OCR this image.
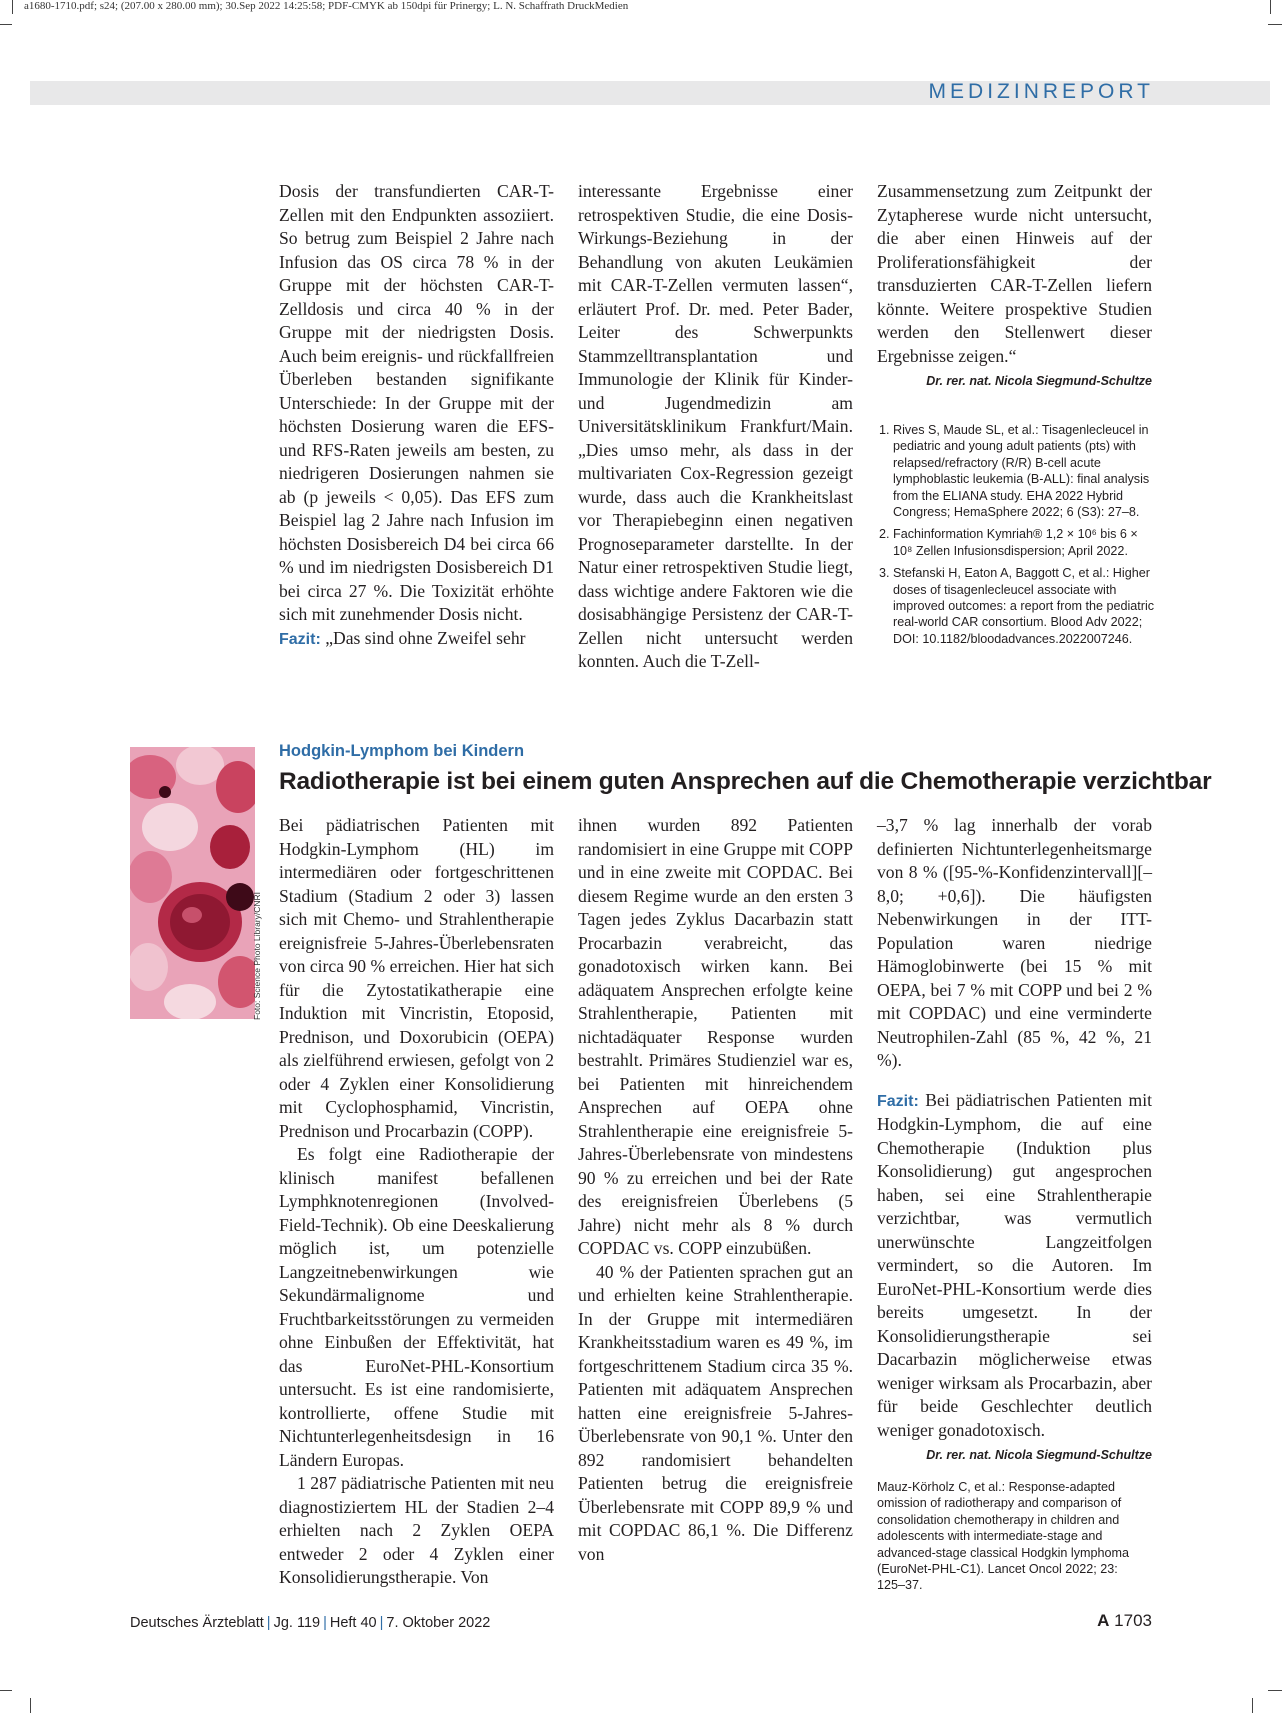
a1680-1710.pdf; s24; (207.00 x 280.00 mm); 30.Sep 2022 14:25:58; PDF-CMYK ab 150dpi für Prinergy; L. N. Schaffrath DruckMedien
MEDIZINREPORT

Dosis der transfundierten CAR-T-Zellen mit den Endpunkten assoziiert. So betrug zum Beispiel 2 Jahre nach Infusion das OS circa 78 % in der Gruppe mit der höchsten CAR-T-Zelldosis und circa 40 % in der Gruppe mit der niedrigsten Dosis. Auch beim ereignis- und rückfallfreien Überleben bestanden signifikante Unterschiede: In der Gruppe mit der höchsten Dosierung waren die EFS- und RFS-Raten jeweils am besten, zu niedrigeren Dosierungen nahmen sie ab (p jeweils < 0,05). Das EFS zum Beispiel lag 2 Jahre nach Infusion im höchsten Dosisbereich D4 bei circa 66 % und im niedrigsten Dosisbereich D1 bei circa 27 %. Die Toxizität erhöhte sich mit zunehmender Dosis nicht.

Fazit: „Das sind ohne Zweifel sehr

interessante Ergebnisse einer retrospektiven Studie, die eine Dosis-Wirkungs-Beziehung in der Behandlung von akuten Leukämien mit CAR-T-Zellen vermuten lassen“, erläutert Prof. Dr. med. Peter Bader, Leiter des Schwerpunkts Stammzelltransplantation und Immunologie der Klinik für Kinder- und Jugendmedizin am Universitätsklinikum Frankfurt/Main. „Dies umso mehr, als dass in der multivariaten Cox-Regression gezeigt wurde, dass auch die Krankheitslast vor Therapiebeginn einen negativen Prognoseparameter darstellte. In der Natur einer retrospektiven Studie liegt, dass wichtige andere Faktoren wie die dosisabhängige Persistenz der CAR-T-Zellen nicht untersucht werden konnten. Auch die T-Zell-

Zusammensetzung zum Zeitpunkt der Zytapherese wurde nicht untersucht, die aber einen Hinweis auf der Proliferationsfähigkeit der transduzierten CAR-T-Zellen liefern könnte. Weitere prospektive Studien werden den Stellenwert dieser Ergebnisse zeigen.“

Dr. rer. nat. Nicola Siegmund-Schultze
1. Rives S, Maude SL, et al.: Tisagenlecleucel in pediatric and young adult patients (pts) with relapsed/refractory (R/R) B-cell acute lymphoblastic leukemia (B-ALL): final analysis from the ELIANA study. EHA 2022 Hybrid Congress; HemaSphere 2022; 6 (S3): 27–8.
2. Fachinformation Kymriah® 1,2 × 10⁶ bis 6 × 10⁸ Zellen Infusionsdispersion; April 2022.
3. Stefanski H, Eaton A, Baggott C, et al.: Higher doses of tisagenlecleucel associate with improved outcomes: a report from the pediatric real-world CAR consortium. Blood Adv 2022; DOI: 10.1182/bloodadvances.2022007246.
Foto: Science Photo Library/CNRI
Hodgkin-Lymphom bei Kindern
Radiotherapie ist bei einem guten Ansprechen auf die Chemotherapie verzichtbar

Bei pädiatrischen Patienten mit Hodgkin-Lymphom (HL) im intermediären oder fortgeschrittenen Stadium (Stadium 2 oder 3) lassen sich mit Chemo- und Strahlentherapie ereignisfreie 5-Jahres-Überlebensraten von circa 90 % erreichen. Hier hat sich für die Zytostatikatherapie eine Induktion mit Vincristin, Etoposid, Prednison, und Doxorubicin (OEPA) als zielführend erwiesen, gefolgt von 2 oder 4 Zyklen einer Konsolidierung mit Cyclophosphamid, Vincristin, Prednison und Procarbazin (COPP).

Es folgt eine Radiotherapie der klinisch manifest befallenen Lymphknotenregionen (Involved-Field-Technik). Ob eine Deeskalierung möglich ist, um potenzielle Langzeitnebenwirkungen wie Sekundärmalignome und Fruchtbarkeitsstörungen zu vermeiden ohne Einbußen der Effektivität, hat das EuroNet-PHL-Konsortium untersucht. Es ist eine randomisierte, kontrollierte, offene Studie mit Nichtunterlegenheitsdesign in 16 Ländern Europas.

1 287 pädiatrische Patienten mit neu diagnostiziertem HL der Stadien 2–4 erhielten nach 2 Zyklen OEPA entweder 2 oder 4 Zyklen einer Konsolidierungstherapie. Von

ihnen wurden 892 Patienten randomisiert in eine Gruppe mit COPP und in eine zweite mit COPDAC. Bei diesem Regime wurde an den ersten 3 Tagen jedes Zyklus Dacarbazin statt Procarbazin verabreicht, das gonadotoxisch wirken kann. Bei adäquatem Ansprechen erfolgte keine Strahlentherapie, Patienten mit nichtadäquater Response wurden bestrahlt. Primäres Studienziel war es, bei Patienten mit hinreichendem Ansprechen auf OEPA ohne Strahlentherapie eine ereignisfreie 5-Jahres-Überlebensrate von mindestens 90 % zu erreichen und bei der Rate des ereignisfreien Überlebens (5 Jahre) nicht mehr als 8 % durch COPDAC vs. COPP einzubüßen.

40 % der Patienten sprachen gut an und erhielten keine Strahlentherapie. In der Gruppe mit intermediären Krankheitsstadium waren es 49 %, im fortgeschrittenem Stadium circa 35 %. Patienten mit adäquatem Ansprechen hatten eine ereignisfreie 5-Jahres-Überlebensrate von 90,1 %. Unter den 892 randomisiert behandelten Patienten betrug die ereignisfreie Überlebensrate mit COPP 89,9 % und mit COPDAC 86,1 %. Die Differenz von

–3,7 % lag innerhalb der vorab definierten Nichtunterlegenheitsmarge von 8 % ([95-%-Konfidenzintervall][–8,0; +0,6]). Die häufigsten Nebenwirkungen in der ITT-Population waren niedrige Hämoglobinwerte (bei 15 % mit OEPA, bei 7 % mit COPP und bei 2 % mit COPDAC) und eine verminderte Neutrophilen-Zahl (85 %, 42 %, 21 %).

Fazit: Bei pädiatrischen Patienten mit Hodgkin-Lymphom, die auf eine Chemotherapie (Induktion plus Konsolidierung) gut angesprochen haben, sei eine Strahlentherapie verzichtbar, was vermutlich unerwünschte Langzeitfolgen vermindert, so die Autoren. Im EuroNet-PHL-Konsortium werde dies bereits umgesetzt. In der Konsolidierungstherapie sei Dacarbazin möglicherweise etwas weniger wirksam als Procarbazin, aber für beide Geschlechter deutlich weniger gonadotoxisch.

Dr. rer. nat. Nicola Siegmund-Schultze
Mauz-Körholz C, et al.: Response-adapted omission of radiotherapy and comparison of consolidation chemotherapy in children and adolescents with intermediate-stage and advanced-stage classical Hodgkin lymphoma (EuroNet-PHL-C1). Lancet Oncol 2022; 23: 125–37.
Deutsches Ärzteblatt | Jg. 119 | Heft 40 | 7. Oktober 2022	A 1703
